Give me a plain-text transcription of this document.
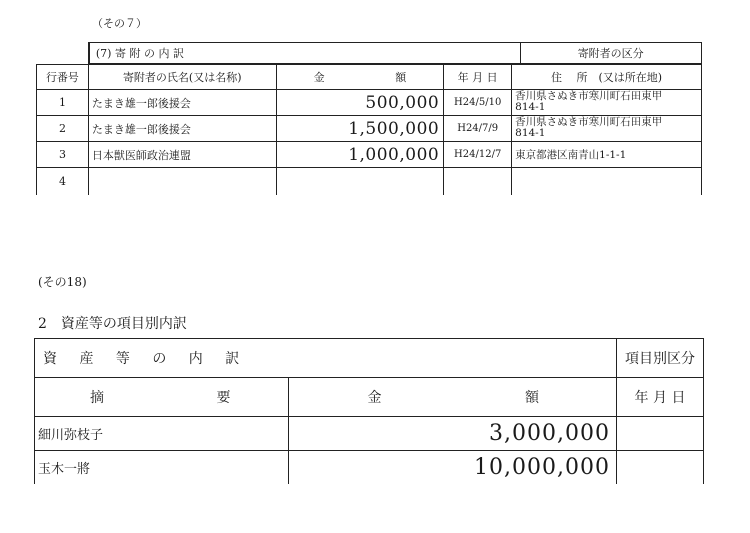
（その７）

	(7) 寄 附 の 内 訳 寄附者の区分			

行番号	寄附者の氏名(又は名称)	金 額	年 月 日	住　 所　(又は所在地)
1	たまき雄一郎後援会	500,000	H24/5/10	香川県さぬき市寒川町石田東甲
814-1

2	たまき雄一郎後援会	1,500,000	H24/7/9	香川県さぬき市寒川町石田東甲
814-1

3	日本獣医師政治連盟	1,000,000	H24/12/7	東京都港区南青山1-1-1

4				
(その18)
2　資産等の項目別内訳
資 産 等 の 内 訳		項目別区分
摘 要	金 額	年 月 日
細川弥枝子	3,000,000	
玉木一將	10,000,000	
